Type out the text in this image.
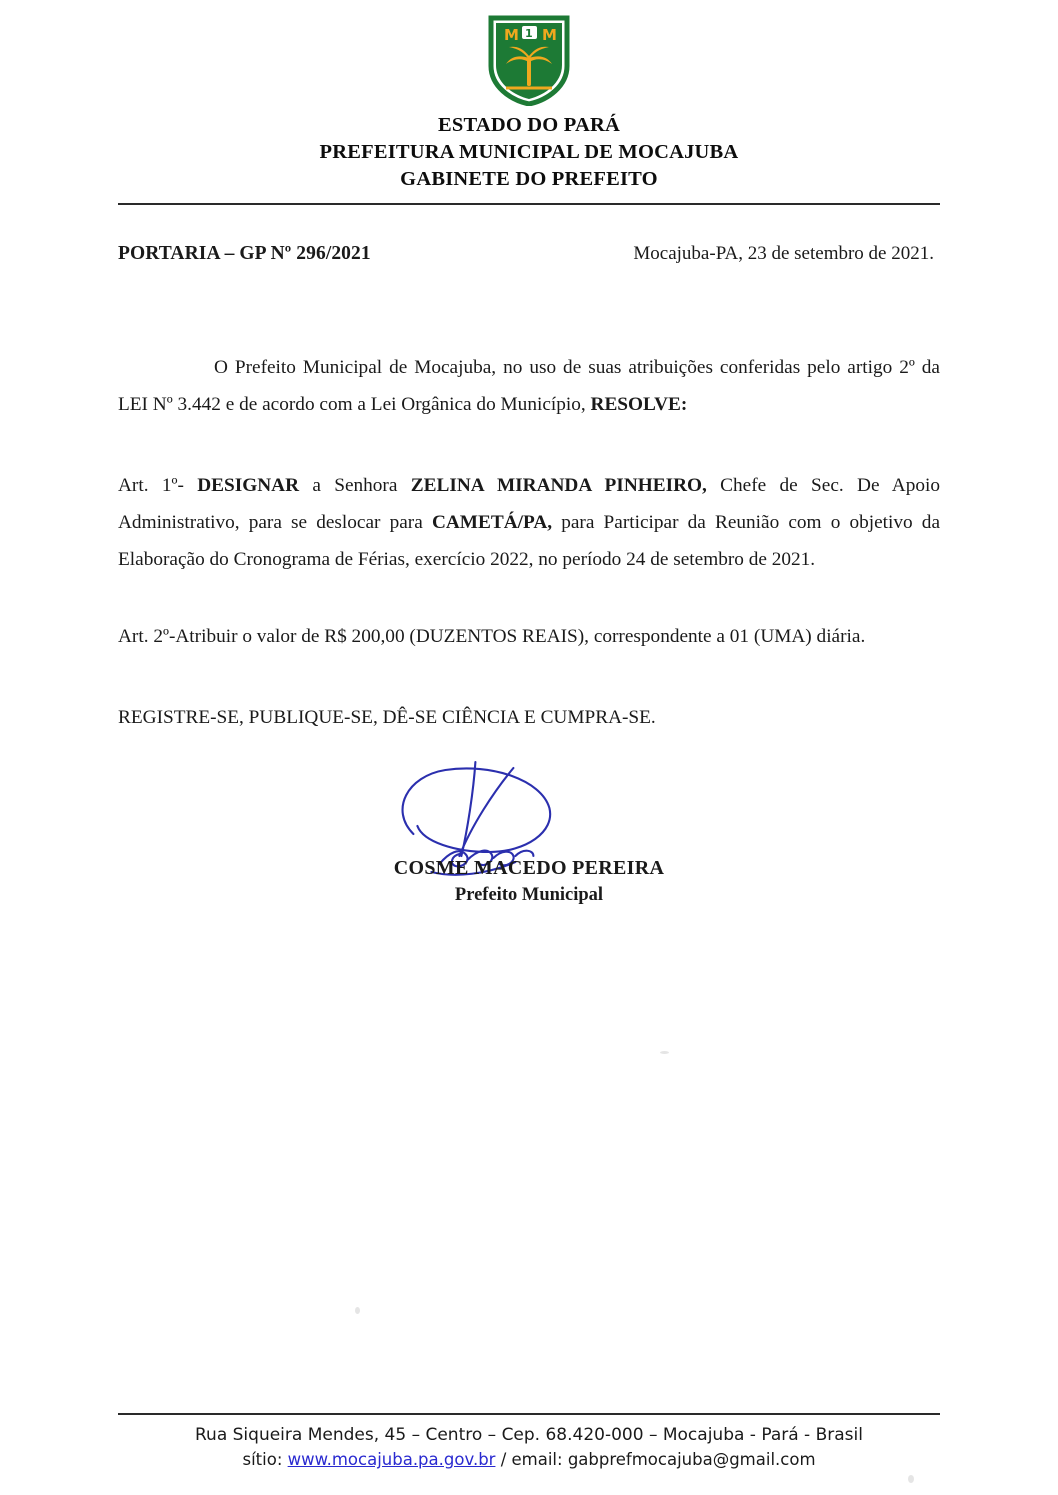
M M
1
ESTADO DO PARÁ
PREFEITURA MUNICIPAL DE MOCAJUBA
GABINETE DO PREFEITO
PORTARIA – GP Nº 296/2021	Mocajuba-PA, 23 de setembro de 2021.

O Prefeito Municipal de Mocajuba, no uso de suas atribuições conferidas pelo artigo 2º da LEI Nº 3.442 e de acordo com a Lei Orgânica do Município, RESOLVE:

Art. 1º- DESIGNAR a Senhora ZELINA MIRANDA PINHEIRO, Chefe de Sec. De Apoio Administrativo, para se deslocar para CAMETÁ/PA, para Participar da Reunião com o objetivo da Elaboração do Cronograma de Férias, exercício 2022, no período 24 de setembro de 2021.

Art. 2º-Atribuir o valor de R$ 200,00 (DUZENTOS REAIS), correspondente a 01 (UMA) diária.

REGISTRE-SE, PUBLIQUE-SE, DÊ-SE CIÊNCIA E CUMPRA-SE.

COSME MACEDO PEREIRA
Prefeito Municipal
Rua Siqueira Mendes, 45 – Centro – Cep. 68.420-000 – Mocajuba - Pará - Brasil
sítio: www.mocajuba.pa.gov.br / email: gabprefmocajuba@gmail.com
